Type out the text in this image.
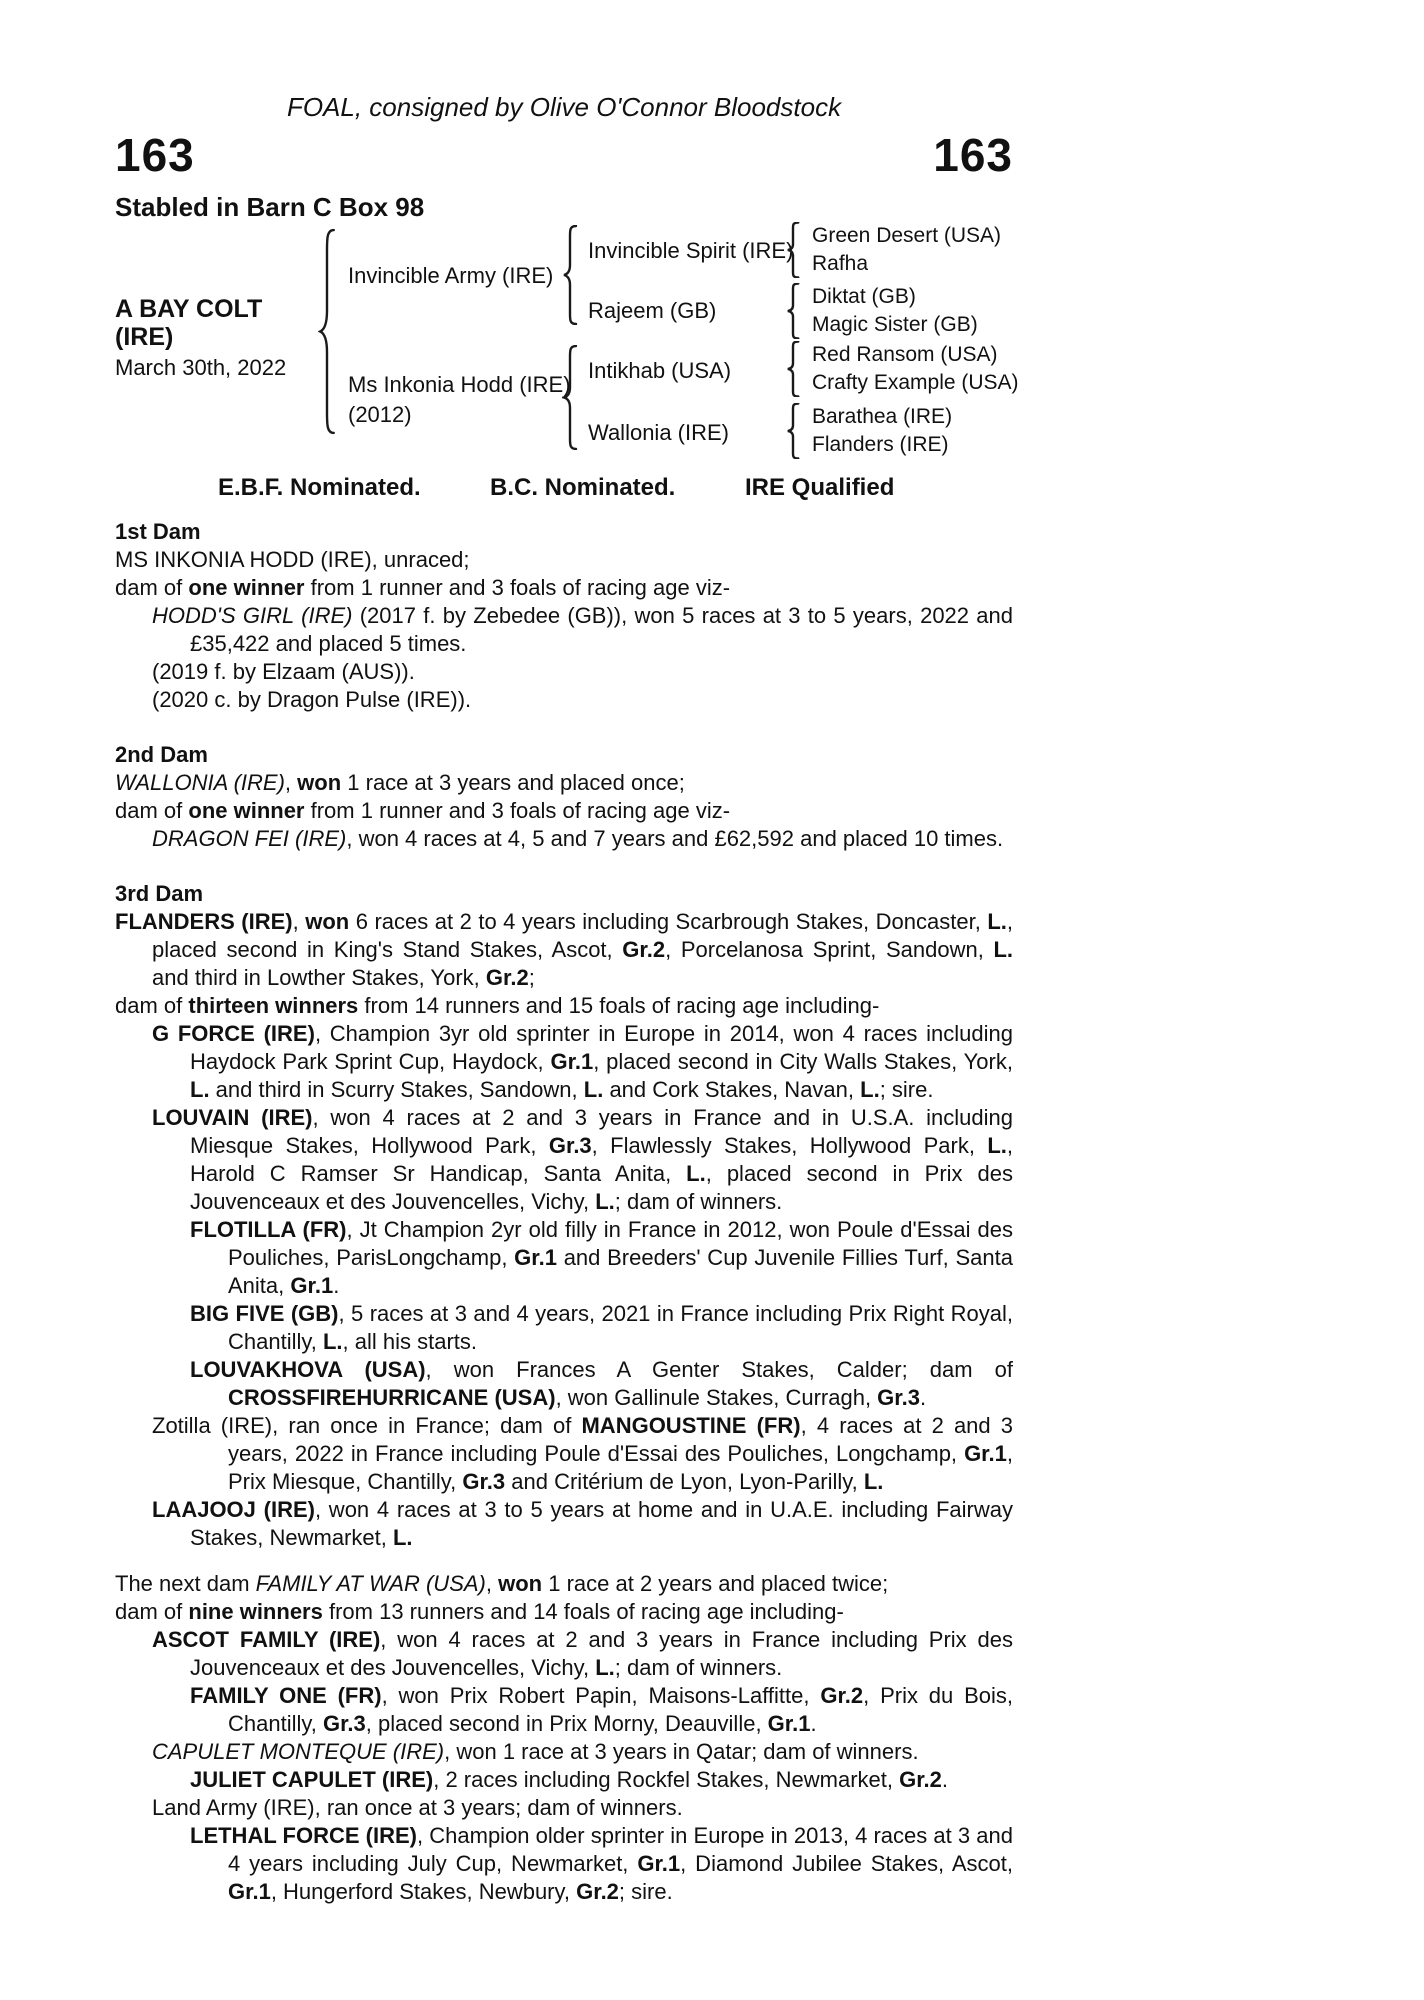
FOAL, consigned by Olive O'Connor Bloodstock
163	163
Stabled in Barn C Box 98
A BAY COLT
(IRE)
March 30th, 2022
Invincible Army (IRE)
Ms Inkonia Hodd (IRE)
(2012)
Invincible Spirit (IRE)
Rajeem (GB)
Intikhab (USA)
Wallonia (IRE)
Green Desert (USA)
Rafha
Diktat (GB)
Magic Sister (GB)
Red Ransom (USA)
Crafty Example (USA)
Barathea (IRE)
Flanders (IRE)
E.B.F. Nominated.	B.C. Nominated.	IRE Qualified
1st Dam

MS INKONIA HODD (IRE), unraced;

dam of one winner from 1 runner and 3 foals of racing age viz-

HODD'S GIRL (IRE) (2017 f. by Zebedee (GB)), won 5 races at 3 to 5 years, 2022 and £35,422 and placed 5 times.

(2019 f. by Elzaam (AUS)).

(2020 c. by Dragon Pulse (IRE)).

2nd Dam

WALLONIA (IRE), won 1 race at 3 years and placed once;

dam of one winner from 1 runner and 3 foals of racing age viz-

DRAGON FEI (IRE), won 4 races at 4, 5 and 7 years and £62,592 and placed 10 times.

3rd Dam

FLANDERS (IRE), won 6 races at 2 to 4 years including Scarbrough Stakes, Doncaster, L., placed second in King's Stand Stakes, Ascot, Gr.2, Porcelanosa Sprint, Sandown, L. and third in Lowther Stakes, York, Gr.2;

dam of thirteen winners from 14 runners and 15 foals of racing age including-

G FORCE (IRE), Champion 3yr old sprinter in Europe in 2014, won 4 races including Haydock Park Sprint Cup, Haydock, Gr.1, placed second in City Walls Stakes, York, L. and third in Scurry Stakes, Sandown, L. and Cork Stakes, Navan, L.; sire.

LOUVAIN (IRE), won 4 races at 2 and 3 years in France and in U.S.A. including Miesque Stakes, Hollywood Park, Gr.3, Flawlessly Stakes, Hollywood Park, L., Harold C Ramser Sr Handicap, Santa Anita, L., placed second in Prix des Jouvenceaux et des Jouvencelles, Vichy, L.; dam of winners.

FLOTILLA (FR), Jt Champion 2yr old filly in France in 2012, won Poule d'Essai des Pouliches, ParisLongchamp, Gr.1 and Breeders' Cup Juvenile Fillies Turf, Santa Anita, Gr.1.

BIG FIVE (GB), 5 races at 3 and 4 years, 2021 in France including Prix Right Royal, Chantilly, L., all his starts.

LOUVAKHOVA (USA), won Frances A Genter Stakes, Calder; dam of CROSSFIREHURRICANE (USA), won Gallinule Stakes, Curragh, Gr.3.

Zotilla (IRE), ran once in France; dam of MANGOUSTINE (FR), 4 races at 2 and 3 years, 2022 in France including Poule d'Essai des Pouliches, Longchamp, Gr.1, Prix Miesque, Chantilly, Gr.3 and Critérium de Lyon, Lyon-Parilly, L.

LAAJOOJ (IRE), won 4 races at 3 to 5 years at home and in U.A.E. including Fairway Stakes, Newmarket, L.

The next dam FAMILY AT WAR (USA), won 1 race at 2 years and placed twice;

dam of nine winners from 13 runners and 14 foals of racing age including-

ASCOT FAMILY (IRE), won 4 races at 2 and 3 years in France including Prix des Jouvenceaux et des Jouvencelles, Vichy, L.; dam of winners.

FAMILY ONE (FR), won Prix Robert Papin, Maisons-Laffitte, Gr.2, Prix du Bois, Chantilly, Gr.3, placed second in Prix Morny, Deauville, Gr.1.

CAPULET MONTEQUE (IRE), won 1 race at 3 years in Qatar; dam of winners.

JULIET CAPULET (IRE), 2 races including Rockfel Stakes, Newmarket, Gr.2.

Land Army (IRE), ran once at 3 years; dam of winners.

LETHAL FORCE (IRE), Champion older sprinter in Europe in 2013, 4 races at 3 and 4 years including July Cup, Newmarket, Gr.1, Diamond Jubilee Stakes, Ascot, Gr.1, Hungerford Stakes, Newbury, Gr.2; sire.
